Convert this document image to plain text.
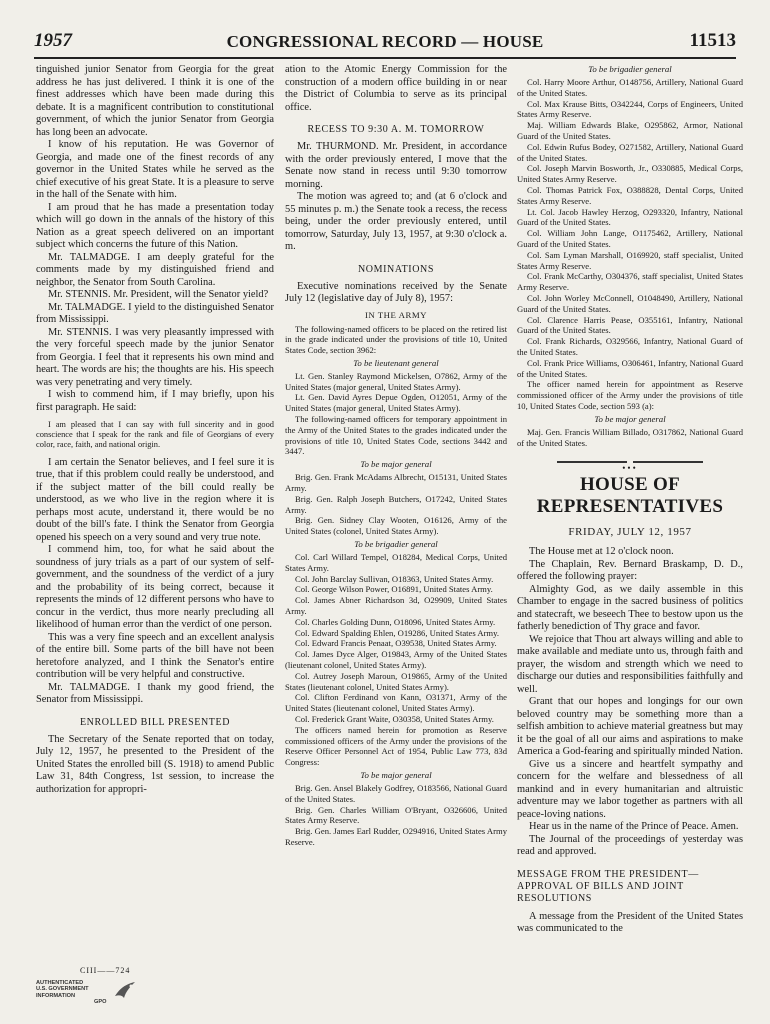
1957	CONGRESSIONAL RECORD — HOUSE	11513

tinguished junior Senator from Georgia for the great address he has just delivered. I think it is one of the finest addresses which have been made during this debate. It is a magnificent contribution to constitutional government, of which the junior Senator from Georgia has long been an advocate.

I know of his reputation. He was Governor of Georgia, and made one of the finest records of any governor in the United States while he served as the chief executive of his great State. It is a pleasure to serve in the hall of the Senate with him.

I am proud that he has made a presentation today which will go down in the annals of the history of this Nation as a great speech delivered on an important subject which concerns the future of this Nation.

Mr. TALMADGE. I am deeply grateful for the comments made by my distinguished friend and neighbor, the Senator from South Carolina.

Mr. STENNIS. Mr. President, will the Senator yield?

Mr. TALMADGE. I yield to the distinguished Senator from Mississippi.

Mr. STENNIS. I was very pleasantly impressed with the very forceful speech made by the junior Senator from Georgia. I feel that it represents his own mind and heart. The words are his; the thoughts are his. His speech was very penetrating and very timely.

I wish to commend him, if I may briefly, upon his first paragraph. He said:

I am pleased that I can say with full sincerity and in good conscience that I speak for the rank and file of Georgians of every color, race, faith, and national origin.

I am certain the Senator believes, and I feel sure it is true, that if this problem could really be understood, and if the subject matter of the bill could really be understood, as we who live in the region where it is perhaps most acute, understand it, there would be no doubt of the bill's fate. I think the Senator from Georgia opened his speech on a very sound and very true note.

I commend him, too, for what he said about the soundness of jury trials as a part of our system of self-government, and the soundness of the verdict of a jury and the probability of its being correct, because it represents the minds of 12 different persons who have to concur in the verdict, thus more nearly precluding all likelihood of human error than the verdict of one person.

This was a very fine speech and an excellent analysis of the entire bill. Some parts of the bill have not been heretofore analyzed, and I think the Senator's entire contribution will be very helpful and constructive.

Mr. TALMADGE. I thank my good friend, the Senator from Mississippi.

ENROLLED BILL PRESENTED

The Secretary of the Senate reported that on today, July 12, 1957, he presented to the President of the United States the enrolled bill (S. 1918) to amend Public Law 31, 84th Congress, 1st session, to increase the authorization for appropri-

CIII——724
AUTHENTICATED
U.S. GOVERNMENT
INFORMATION
GPO

ation to the Atomic Energy Commission for the construction of a modern office building in or near the District of Columbia to serve as its principal office.

RECESS TO 9:30 A. M. TOMORROW

Mr. THURMOND. Mr. President, in accordance with the order previously entered, I move that the Senate now stand in recess until 9:30 tomorrow morning.

The motion was agreed to; and (at 6 o'clock and 55 minutes p. m.) the Senate took a recess, the recess being, under the order previously entered, until tomorrow, Saturday, July 13, 1957, at 9:30 o'clock a. m.

NOMINATIONS

Executive nominations received by the Senate July 12 (legislative day of July 8), 1957:

IN THE ARMY

The following-named officers to be placed on the retired list in the grade indicated under the provisions of title 10, United States Code, section 3962:

To be lieutenant general

Lt. Gen. Stanley Raymond Mickelsen, O7862, Army of the United States (major general, United States Army).

Lt. Gen. David Ayres Depue Ogden, O12051, Army of the United States (major general, United States Army).

The following-named officers for temporary appointment in the Army of the United States to the grades indicated under the provisions of title 10, United States Code, sections 3442 and 3447.

To be major general

Brig. Gen. Frank McAdams Albrecht, O15131, United States Army.

Brig. Gen. Ralph Joseph Butchers, O17242, United States Army.

Brig. Gen. Sidney Clay Wooten, O16126, Army of the United States (colonel, United States Army).

To be brigadier general

Col. Carl Willard Tempel, O18284, Medical Corps, United States Army.

Col. John Barclay Sullivan, O18363, United States Army.

Col. George Wilson Power, O16891, United States Army.

Col. James Abner Richardson 3d, O29909, United States Army.

Col. Charles Golding Dunn, O18096, United States Army.

Col. Edward Spalding Ehlen, O19286, United States Army.

Col. Edward Francis Penaat, O39538, United States Army.

Col. James Dyce Alger, O19843, Army of the United States (lieutenant colonel, United States Army).

Col. Autrey Joseph Maroun, O19865, Army of the United States (lieutenant colonel, United States Army).

Col. Clifton Ferdinand von Kann, O31371, Army of the United States (lieutenant colonel, United States Army).

Col. Frederick Grant Waite, O30358, United States Army.

The officers named herein for promotion as Reserve commissioned officers of the Army under the provisions of the Reserve Officer Personnel Act of 1954, Public Law 773, 83d Congress:

To be major general

Brig. Gen. Ansel Blakely Godfrey, O183566, National Guard of the United States.

Brig. Gen. Charles William O'Bryant, O326606, United States Army Reserve.

Brig. Gen. James Earl Rudder, O294916, United States Army Reserve.

To be brigadier general

Col. Harry Moore Arthur, O148756, Artillery, National Guard of the United States.

Col. Max Krause Bitts, O342244, Corps of Engineers, United States Army Reserve.

Maj. William Edwards Blake, O295862, Armor, National Guard of the United States.

Col. Edwin Rufus Bodey, O271582, Artillery, National Guard of the United States.

Col. Joseph Marvin Bosworth, Jr., O330885, Medical Corps, United States Army Reserve.

Col. Thomas Patrick Fox, O388828, Dental Corps, United States Army Reserve.

Lt. Col. Jacob Hawley Herzog, O293320, Infantry, National Guard of the United States.

Col. William John Lange, O1175462, Artillery, National Guard of the United States.

Col. Sam Lyman Marshall, O169920, staff specialist, United States Army Reserve.

Col. Frank McCarthy, O304376, staff specialist, United States Army Reserve.

Col. John Worley McConnell, O1048490, Artillery, National Guard of the United States.

Col. Clarence Harris Pease, O355161, Infantry, National Guard of the United States.

Col. Frank Richards, O329566, Infantry, National Guard of the United States.

Col. Frank Price Williams, O306461, Infantry, National Guard of the United States.

The officer named herein for appointment as Reserve commissioned officer of the Army under the provisions of title 10, United States Code, section 593 (a):

To be major general

Maj. Gen. Francis William Billado, O317862, National Guard of the United States.

•••
HOUSE OF REPRESENTATIVES
FRIDAY, JULY 12, 1957

The House met at 12 o'clock noon.

The Chaplain, Rev. Bernard Braskamp, D. D., offered the following prayer:

Almighty God, as we daily assemble in this Chamber to engage in the sacred business of politics and statecraft, we beseech Thee to bestow upon us the fatherly benediction of Thy grace and favor.

We rejoice that Thou art always willing and able to make available and mediate unto us, through faith and prayer, the wisdom and strength which we need to discharge our duties and responsibilities faithfully and well.

Grant that our hopes and longings for our own beloved country may be something more than a selfish ambition to achieve material greatness but may it be the goal of all our aims and aspirations to make America a God-fearing and spiritually minded Nation.

Give us a sincere and heartfelt sympathy and concern for the welfare and blessedness of all mankind and in every humanitarian and altruistic adventure may we labor together as partners with all peace-loving nations.

Hear us in the name of the Prince of Peace. Amen.

The Journal of the proceedings of yesterday was read and approved.

MESSAGE FROM THE PRESIDENT—APPROVAL OF BILLS AND JOINT RESOLUTIONS

A message from the President of the United States was communicated to the
